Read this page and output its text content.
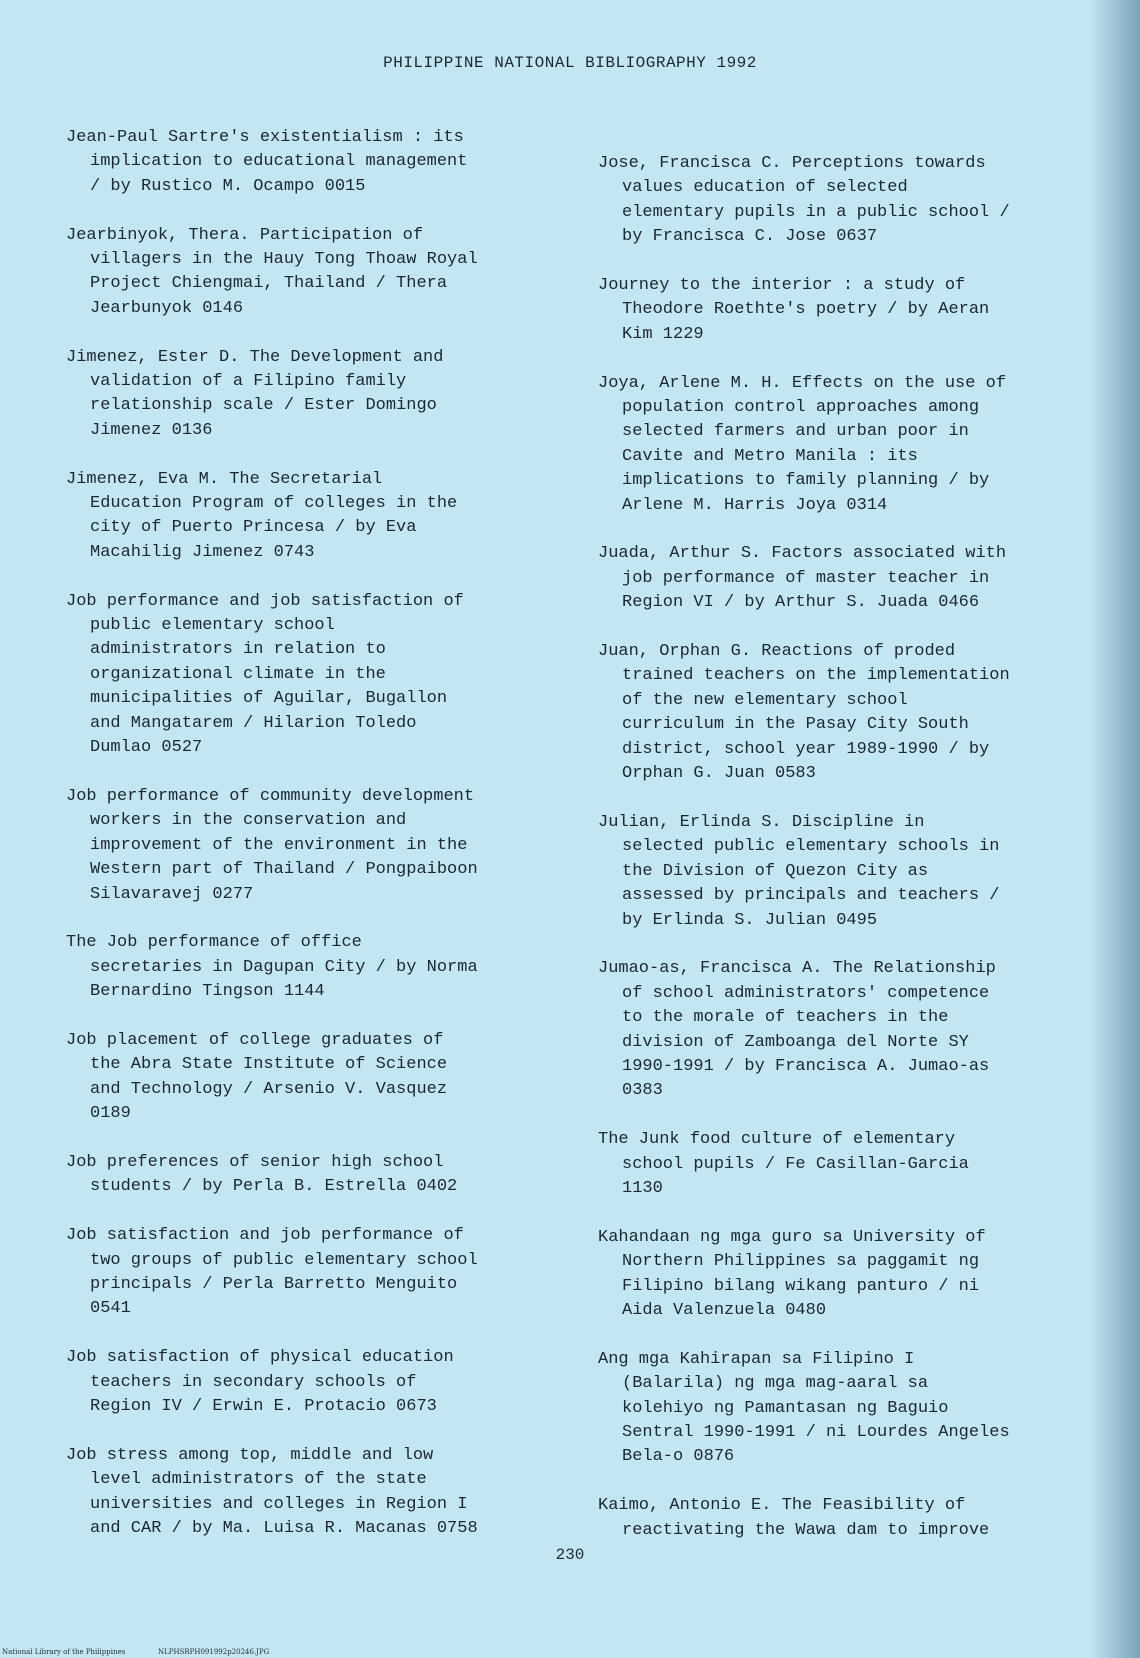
PHILIPPINE NATIONAL BIBLIOGRAPHY 1992

Jean-Paul Sartre's existentialism : its
implication to educational management
/ by Rustico M. Ocampo 0015

Jearbinyok, Thera. Participation of
villagers in the Hauy Tong Thoaw Royal
Project Chiengmai, Thailand / Thera
Jearbunyok 0146

Jimenez, Ester D. The Development and
validation of a Filipino family
relationship scale / Ester Domingo
Jimenez 0136

Jimenez, Eva M. The Secretarial
Education Program of colleges in the
city of Puerto Princesa / by Eva
Macahilig Jimenez 0743

Job performance and job satisfaction of
public elementary school
administrators in relation to
organizational climate in the
municipalities of Aguilar, Bugallon
and Mangatarem / Hilarion Toledo
Dumlao 0527

Job performance of community development
workers in the conservation and
improvement of the environment in the
Western part of Thailand / Pongpaiboon
Silavaravej 0277

The Job performance of office
secretaries in Dagupan City / by Norma
Bernardino Tingson 1144

Job placement of college graduates of
the Abra State Institute of Science
and Technology / Arsenio V. Vasquez
0189

Job preferences of senior high school
students / by Perla B. Estrella 0402

Job satisfaction and job performance of
two groups of public elementary school
principals / Perla Barretto Menguito
0541

Job satisfaction of physical education
teachers in secondary schools of
Region IV / Erwin E. Protacio 0673

Job stress among top, middle and low
level administrators of the state
universities and colleges in Region I
and CAR / by Ma. Luisa R. Macanas 0758

Jose, Francisca C. Perceptions towards
values education of selected
elementary pupils in a public school /
by Francisca C. Jose 0637

Journey to the interior : a study of
Theodore Roethte's poetry / by Aeran
Kim 1229

Joya, Arlene M. H. Effects on the use of
population control approaches among
selected farmers and urban poor in
Cavite and Metro Manila : its
implications to family planning / by
Arlene M. Harris Joya 0314

Juada, Arthur S. Factors associated with
job performance of master teacher in
Region VI / by Arthur S. Juada 0466

Juan, Orphan G. Reactions of proded
trained teachers on the implementation
of the new elementary school
curriculum in the Pasay City South
district, school year 1989-1990 / by
Orphan G. Juan 0583

Julian, Erlinda S. Discipline in
selected public elementary schools in
the Division of Quezon City as
assessed by principals and teachers /
by Erlinda S. Julian 0495

Jumao-as, Francisca A. The Relationship
of school administrators' competence
to the morale of teachers in the
division of Zamboanga del Norte SY
1990-1991 / by Francisca A. Jumao-as
0383

The Junk food culture of elementary
school pupils / Fe Casillan-Garcia
1130

Kahandaan ng mga guro sa University of
Northern Philippines sa paggamit ng
Filipino bilang wikang panturo / ni
Aida Valenzuela 0480

Ang mga Kahirapan sa Filipino I
(Balarila) ng mga mag-aaral sa
kolehiyo ng Pamantasan ng Baguio
Sentral 1990-1991 / ni Lourdes Angeles
Bela-o 0876

Kaimo, Antonio E. The Feasibility of
reactivating the Wawa dam to improve

230
National Library of the Philippines	NLPHSRPH091992p20246.JPG
